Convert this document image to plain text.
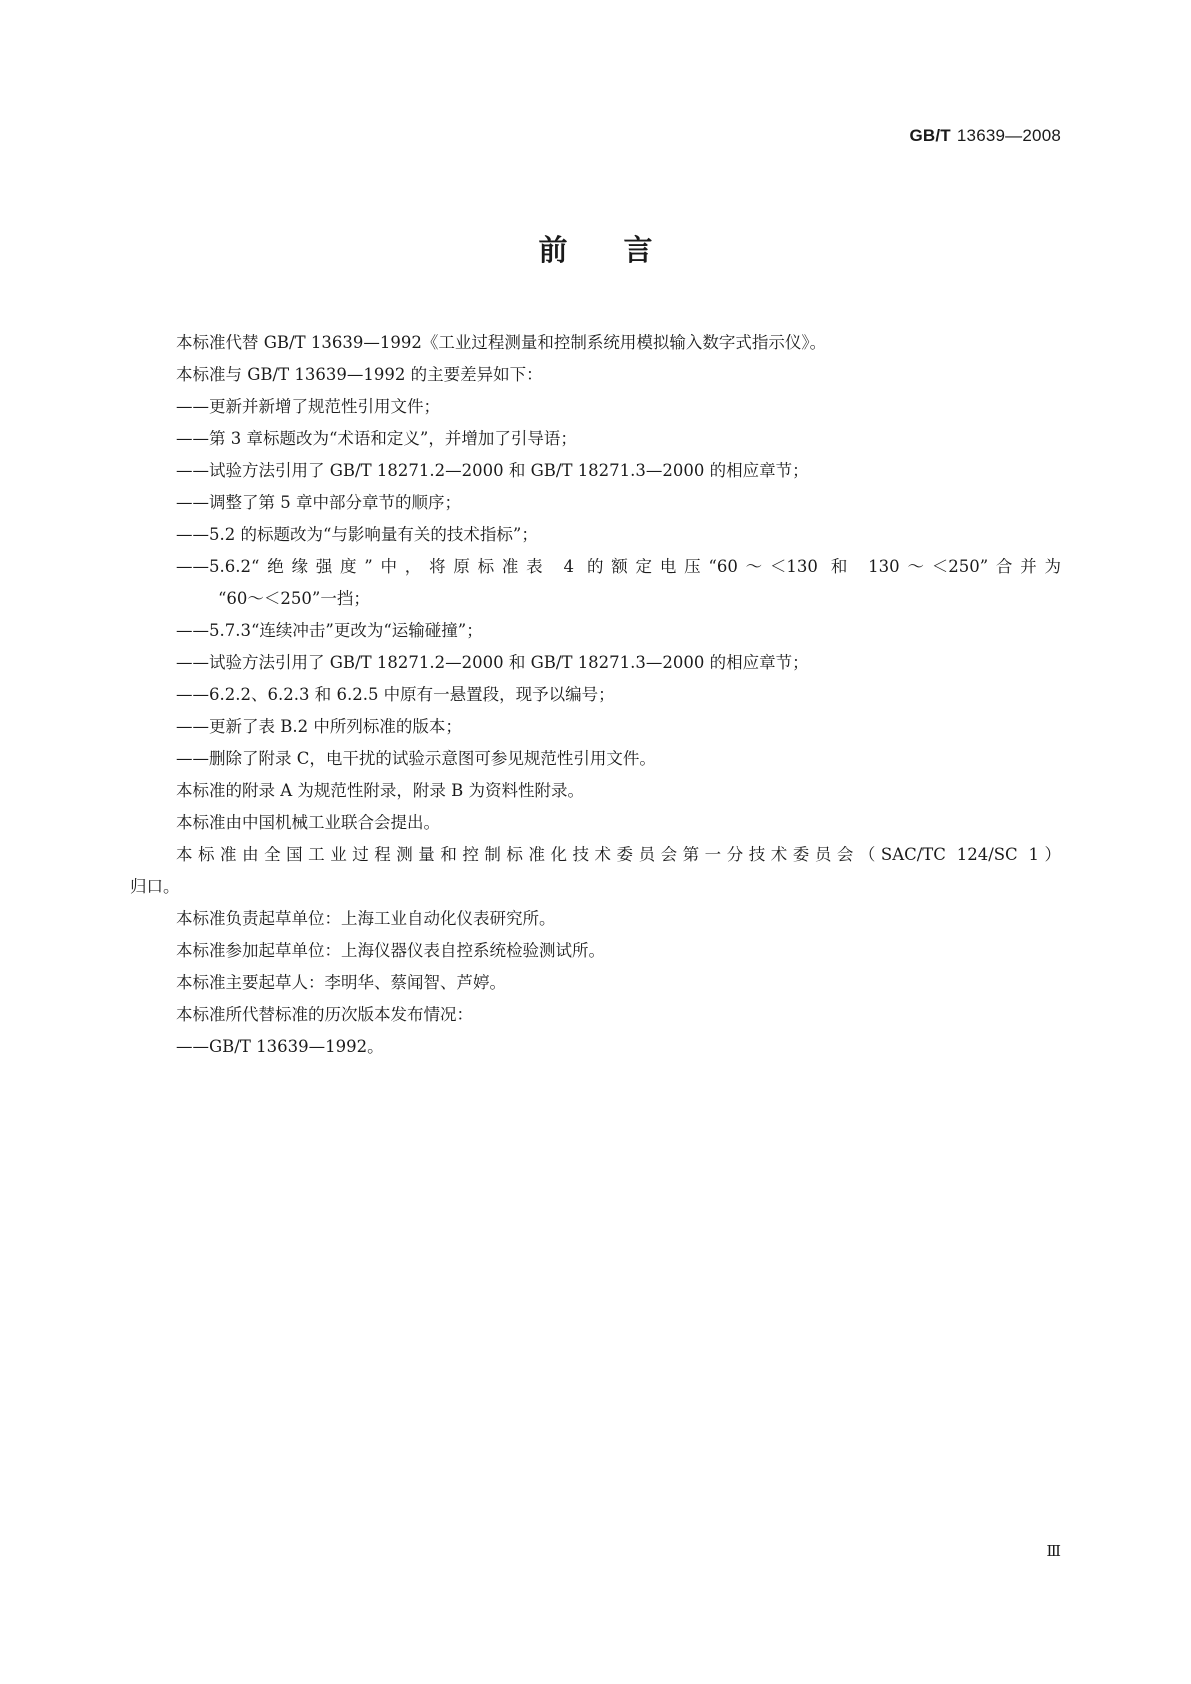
GB/T 13639—2008
前 言

本标准代替 GB/T 13639—1992《工业过程测量和控制系统用模拟输入数字式指示仪》。

本标准与 GB/T 13639—1992 的主要差异如下：

——更新并新增了规范性引用文件；

——第 3 章标题改为“术语和定义”，并增加了引导语；

——试验方法引用了 GB/T 18271.2—2000 和 GB/T 18271.3—2000 的相应章节；

——调整了第 5 章中部分章节的顺序；

——5.2 的标题改为“与影响量有关的技术指标”；

——5.6.2“绝缘强度”中，将原标准表 4 的额定电压“60～＜130 和 130～＜250”合并为

“60～＜250”一挡；

——5.7.3“连续冲击”更改为“运输碰撞”；

——试验方法引用了 GB/T 18271.2—2000 和 GB/T 18271.3—2000 的相应章节；

——6.2.2、6.2.3 和 6.2.5 中原有一悬置段，现予以编号；

——更新了表 B.2 中所列标准的版本；

——删除了附录 C，电干扰的试验示意图可参见规范性引用文件。

本标准的附录 A 为规范性附录，附录 B 为资料性附录。

本标准由中国机械工业联合会提出。

本标准由全国工业过程测量和控制标准化技术委员会第一分技术委员会（SAC/TC 124/SC 1）

归口。

本标准负责起草单位：上海工业自动化仪表研究所。

本标准参加起草单位：上海仪器仪表自控系统检验测试所。

本标准主要起草人：李明华、蔡闻智、芦婷。

本标准所代替标准的历次版本发布情况：

——GB/T 13639—1992。

Ⅲ
